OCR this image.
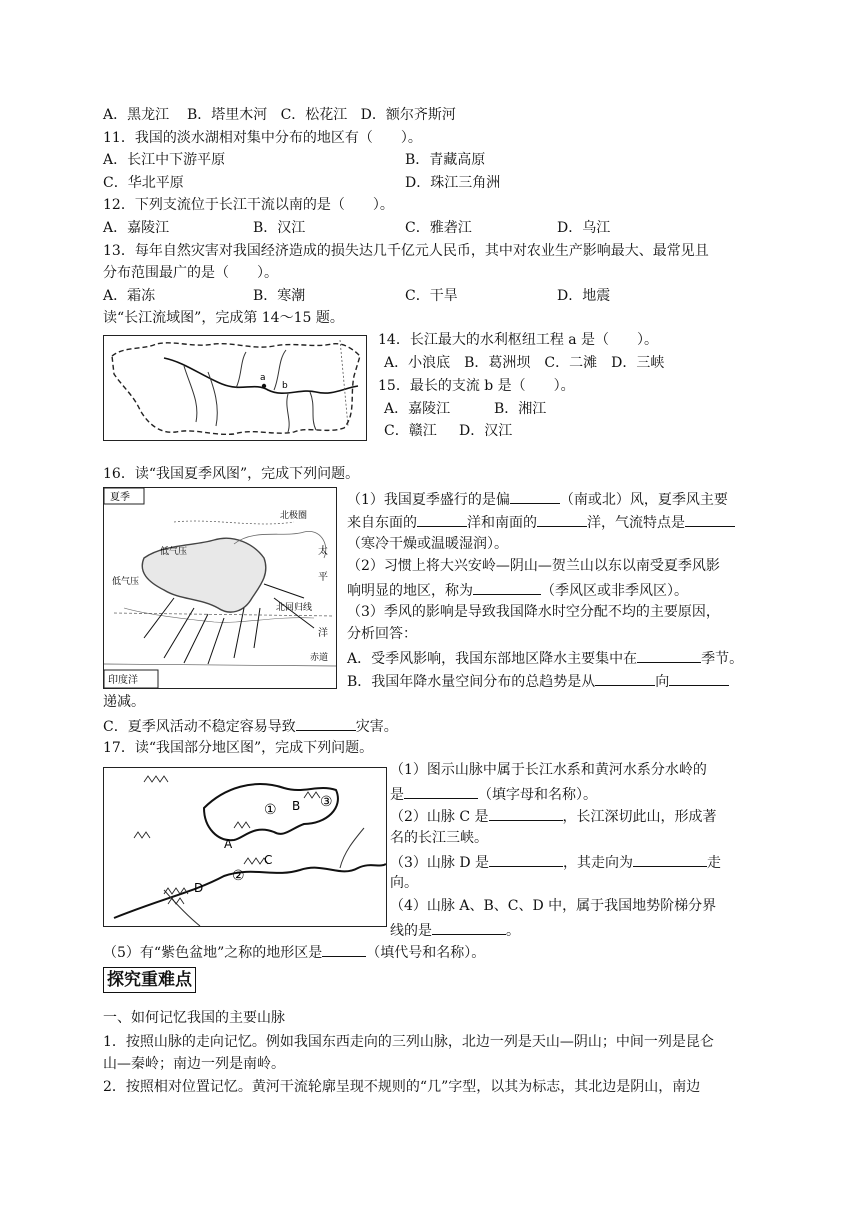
A．黑龙江 B．塔里木河 C．松花江 D．额尔齐斯河
11．我国的淡水湖相对集中分布的地区有（　　）。
A．长江中下游平原	B．青藏高原
C．华北平原	D．珠江三角洲
12．下列支流位于长江干流以南的是（　　）。
A．嘉陵江	B．汉江	C．雅砻江	D．乌江
13．每年自然灾害对我国经济造成的损失达几千亿元人民币，其中对农业生产影响最大、最常见且
分布范围最广的是（　　）。
A．霜冻	B．寒潮	C．干旱	D．地震
读“长江流域图”，完成第 14～15 题。
a
b
14．长江最大的水利枢纽工程 a 是（　　）。
A．小浪底　B．葛洲坝　C．二滩　D．三峡
15．最长的支流 b 是（　　）。
A．嘉陵江	B．湘江
C．赣江 D．汉江
16．读“我国夏季风图”，完成下列问题。
夏季
北极圈
北回归线
低气压
低气压
太
平
洋
赤道
印度洋
（1）我国夏季盛行的是偏	（南或北）风，夏季风主要
来自东面的	洋和南面的	洋，气流特点是
（寒冷干燥或温暖湿润）。
（2）习惯上将大兴安岭—阴山—贺兰山以东以南受夏季风影
响明显的地区，称为	（季风区或非季风区）。
（3）季风的影响是导致我国降水时空分配不均的主要原因，
分析回答：
A．受季风影响，我国东部地区降水主要集中在	季节。
B．我国年降水量空间分布的总趋势是从	向
递减。
C．夏季风活动不稳定容易导致	灾害。
17．读“我国部分地区图”，完成下列问题。
①
②
③
A
B
C
D
（1）图示山脉中属于长江水系和黄河水系分水岭的
是	（填字母和名称）。
（2）山脉 C 是	，长江深切此山，形成著
名的长江三峡。
（3）山脉 D 是	，其走向为	走
向。
（4）山脉 A、B、C、D 中，属于我国地势阶梯分界
线的是	。
（5）有“紫色盆地”之称的地形区是	（填代号和名称）。
探究重难点
一、如何记忆我国的主要山脉
1．按照山脉的走向记忆。例如我国东西走向的三列山脉，北边一列是天山—阴山；中间一列是昆仑
山—秦岭；南边一列是南岭。
2．按照相对位置记忆。黄河干流轮廓呈现不规则的“几”字型，以其为标志，其北边是阴山，南边
